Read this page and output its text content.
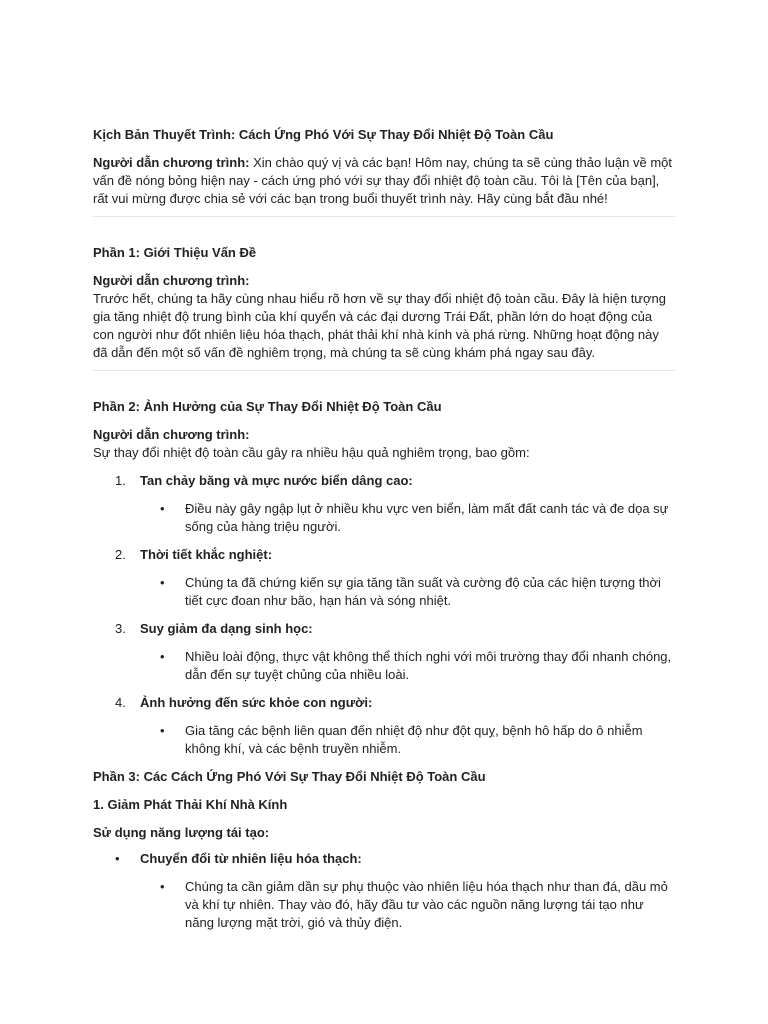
Kịch Bản Thuyết Trình: Cách Ứng Phó Với Sự Thay Đổi Nhiệt Độ Toàn Cầu

Người dẫn chương trình: Xin chào quý vị và các bạn! Hôm nay, chúng ta sẽ cùng thảo luận về một vấn đề nóng bỏng hiện nay - cách ứng phó với sự thay đổi nhiệt độ toàn cầu. Tôi là [Tên của bạn], rất vui mừng được chia sẻ với các bạn trong buổi thuyết trình này. Hãy cùng bắt đầu nhé!

Phần 1: Giới Thiệu Vấn Đề

Người dẫn chương trình:
Trước hết, chúng ta hãy cùng nhau hiểu rõ hơn về sự thay đổi nhiệt độ toàn cầu. Đây là hiện tượng gia tăng nhiệt độ trung bình của khí quyển và các đại dương Trái Đất, phần lớn do hoạt động của con người như đốt nhiên liệu hóa thạch, phát thải khí nhà kính và phá rừng. Những hoạt động này đã dẫn đến một số vấn đề nghiêm trọng, mà chúng ta sẽ cùng khám phá ngay sau đây.

Phần 2: Ảnh Hưởng của Sự Thay Đổi Nhiệt Độ Toàn Cầu

Người dẫn chương trình:
Sự thay đổi nhiệt độ toàn cầu gây ra nhiều hậu quả nghiêm trọng, bao gồm:

1. Tan chảy băng và mực nước biển dâng cao:
• Điều này gây ngập lụt ở nhiều khu vực ven biển, làm mất đất canh tác và đe dọa sự sống của hàng triệu người.
2. Thời tiết khắc nghiệt:
• Chúng ta đã chứng kiến sự gia tăng tần suất và cường độ của các hiện tượng thời tiết cực đoan như bão, hạn hán và sóng nhiệt.
3. Suy giảm đa dạng sinh học:
• Nhiều loài động, thực vật không thể thích nghi với môi trường thay đổi nhanh chóng, dẫn đến sự tuyệt chủng của nhiều loài.
4. Ảnh hưởng đến sức khỏe con người:
• Gia tăng các bệnh liên quan đến nhiệt độ như đột quỵ, bệnh hô hấp do ô nhiễm không khí, và các bệnh truyền nhiễm.

Phần 3: Các Cách Ứng Phó Với Sự Thay Đổi Nhiệt Độ Toàn Cầu

1. Giảm Phát Thải Khí Nhà Kính

Sử dụng năng lượng tái tạo:

• Chuyển đổi từ nhiên liệu hóa thạch:
• Chúng ta cần giảm dần sự phụ thuộc vào nhiên liệu hóa thạch như than đá, dầu mỏ và khí tự nhiên. Thay vào đó, hãy đầu tư vào các nguồn năng lượng tái tạo như năng lượng mặt trời, gió và thủy điện.
